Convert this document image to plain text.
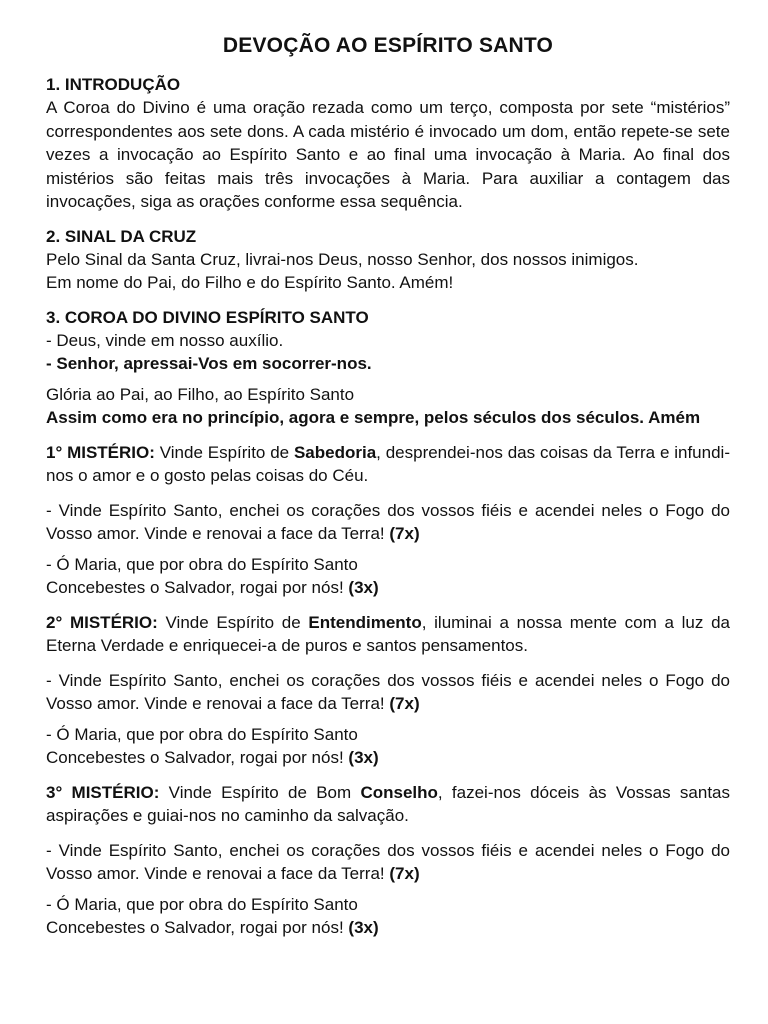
DEVOÇÃO AO ESPÍRITO SANTO
1. INTRODUÇÃO

A Coroa do Divino é uma oração rezada como um terço, composta por sete “mistérios” correspondentes aos sete dons. A cada mistério é invocado um dom, então repete-se sete vezes a invocação ao Espírito Santo e ao final uma invocação à Maria. Ao final dos mistérios são feitas mais três invocações à Maria. Para auxiliar a contagem das invocações, siga as orações conforme essa sequência.

2. SINAL DA CRUZ

Pelo Sinal da Santa Cruz, livrai-nos Deus, nosso Senhor, dos nossos inimigos.

Em nome do Pai, do Filho e do Espírito Santo. Amém!

3. COROA DO DIVINO ESPÍRITO SANTO

- Deus, vinde em nosso auxílio.

- Senhor, apressai-Vos em socorrer-nos.

Glória ao Pai, ao Filho, ao Espírito Santo

Assim como era no princípio, agora e sempre, pelos séculos dos séculos. Amém

1° MISTÉRIO: Vinde Espírito de Sabedoria, desprendei-nos das coisas da Terra e infundi-nos o amor e o gosto pelas coisas do Céu.

- Vinde Espírito Santo, enchei os corações dos vossos fiéis e acendei neles o Fogo do Vosso amor. Vinde e renovai a face da Terra! (7x)

- Ó Maria, que por obra do Espírito Santo

Concebestes o Salvador, rogai por nós! (3x)

2° MISTÉRIO: Vinde Espírito de Entendimento, iluminai a nossa mente com a luz da Eterna Verdade e enriquecei-a de puros e santos pensamentos.

- Vinde Espírito Santo, enchei os corações dos vossos fiéis e acendei neles o Fogo do Vosso amor. Vinde e renovai a face da Terra! (7x)

- Ó Maria, que por obra do Espírito Santo

Concebestes o Salvador, rogai por nós! (3x)

3° MISTÉRIO: Vinde Espírito de Bom Conselho, fazei-nos dóceis às Vossas santas aspirações e guiai-nos no caminho da salvação.

- Vinde Espírito Santo, enchei os corações dos vossos fiéis e acendei neles o Fogo do Vosso amor. Vinde e renovai a face da Terra! (7x)

- Ó Maria, que por obra do Espírito Santo

Concebestes o Salvador, rogai por nós! (3x)
